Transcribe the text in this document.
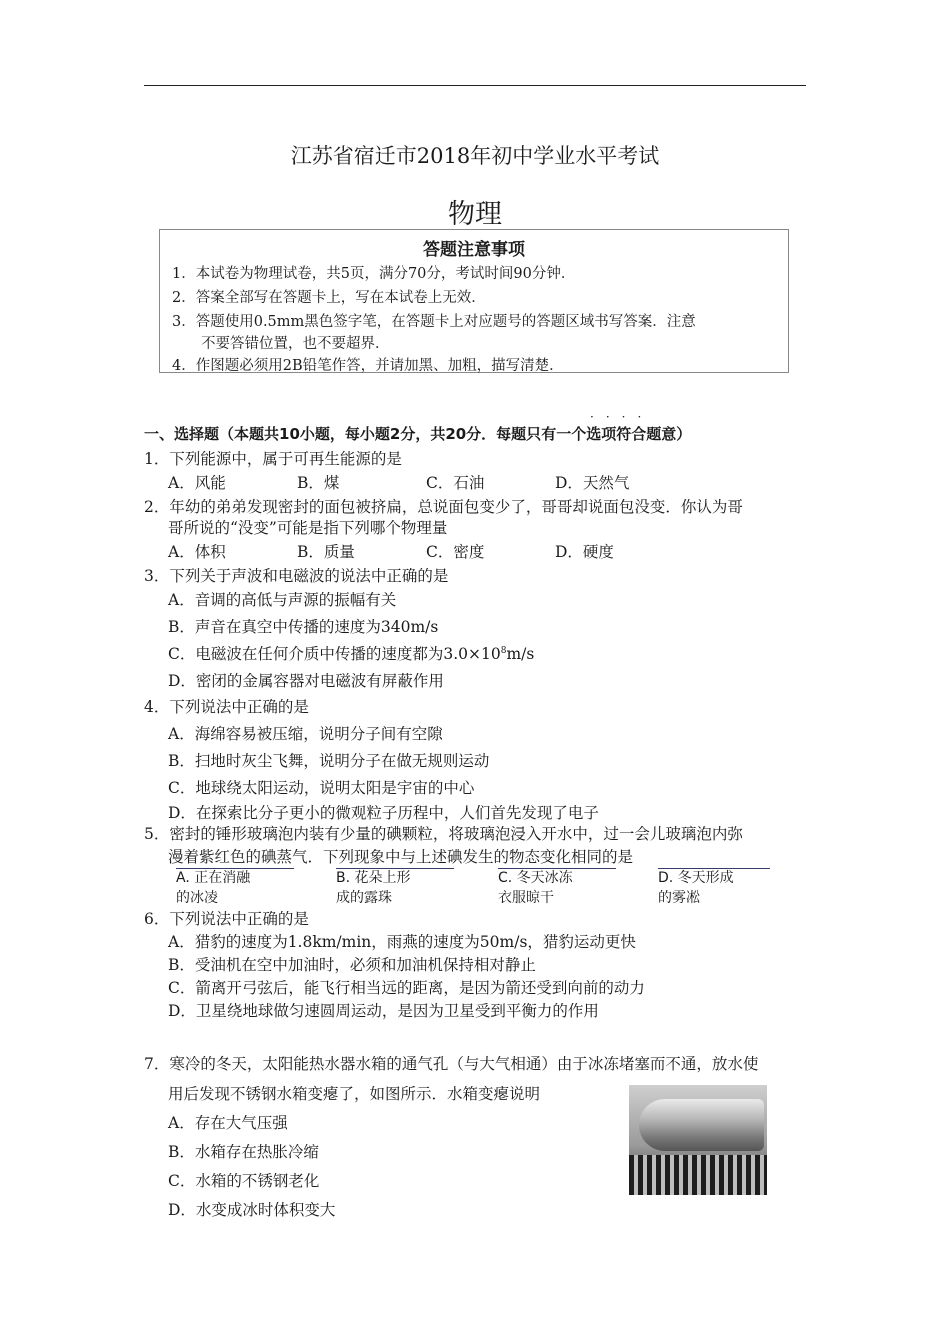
江苏省宿迁市2018年初中学业水平考试
物理
答题注意事项
1．本试卷为物理试卷，共5页，满分70分，考试时间90分钟．
2．答案全部写在答题卡上，写在本试卷上无效．
3．答题使用0.5mm黑色签字笔，在答题卡上对应题号的答题区域书写答案．注意
　　不要答错位置，也不要超界．
4．作图题必须用2B铅笔作答，并请加黑、加粗，描写清楚．
····
一、选择题（本题共10小题，每小题2分，共20分．每题只有一个选项符合题意）
1．下列能源中，属于可再生能源的是
A．风能	B．煤	C．石油	D．天然气
2．年幼的弟弟发现密封的面包被挤扁，总说面包变少了，哥哥却说面包没变．你认为哥
哥所说的“没变”可能是指下列哪个物理量
A．体积	B．质量	C．密度	D．硬度
3．下列关于声波和电磁波的说法中正确的是
A．音调的高低与声源的振幅有关
B．声音在真空中传播的速度为340m/s
C．电磁波在任何介质中传播的速度都为$3.0\times 10^8m/s$
D．密闭的金属容器对电磁波有屏蔽作用
4．下列说法中正确的是
A．海绵容易被压缩，说明分子间有空隙
B．扫地时灰尘飞舞，说明分子在做无规则运动
C．地球绕太阳运动，说明太阳是宇宙的中心
D．在探索比分子更小的微观粒子历程中，人们首先发现了电子
5．密封的锤形玻璃泡内装有少量的碘颗粒，将玻璃泡浸入开水中，过一会儿玻璃泡内弥
漫着紫红色的碘蒸气．下列现象中与上述碘发生的物态变化相同的是
A. 正在消融
的冰凌
B. 花朵上形
成的露珠
C. 冬天冰冻
衣服晾干
D. 冬天形成
的雾凇
6．下列说法中正确的是
A．猎豹的速度为1.8km/min，雨燕的速度为50m/s，猎豹运动更快
B．受油机在空中加油时，必须和加油机保持相对静止
C．箭离开弓弦后，能飞行相当远的距离，是因为箭还受到向前的动力
D．卫星绕地球做匀速圆周运动，是因为卫星受到平衡力的作用
7．寒冷的冬天，太阳能热水器水箱的通气孔（与大气相通）由于冰冻堵塞而不通，放水使
用后发现不锈钢水箱变瘪了，如图所示．水箱变瘪说明
A．存在大气压强
B．水箱存在热胀冷缩
C．水箱的不锈钢老化
D．水变成冰时体积变大
